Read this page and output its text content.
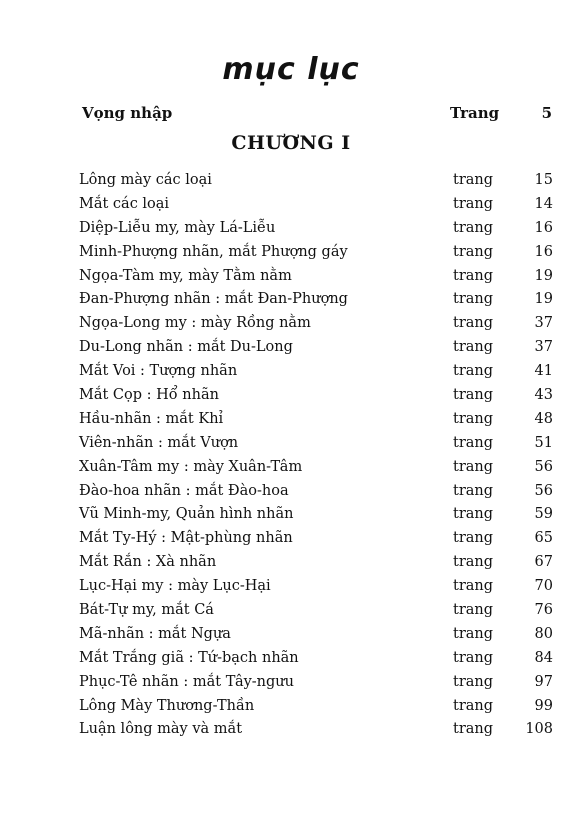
mục lục
Vọng nhập	Trang	5
CHƯƠNG I
Lông mày các loại	trang	15
Mắt các loại	trang	14
Diệp-Liễu my, mày Lá-Liễu	trang	16
Minh-Phượng nhãn, mắt Phượng gáy	trang	16
Ngọa-Tàm my, mày Tằm nằm	trang	19
Đan-Phượng nhãn : mắt Đan-Phượng	trang	19
Ngọa-Long my : mày Rồng nằm	trang	37
Du-Long nhãn : mắt Du-Long	trang	37
Mắt Voi : Tượng nhãn	trang	41
Mắt Cọp : Hổ nhãn	trang	43
Hầu-nhãn : mắt Khỉ	trang	48
Viên-nhãn : mắt Vượn	trang	51
Xuân-Tâm my : mày Xuân-Tâm	trang	56
Đào-hoa nhãn : mắt Đào-hoa	trang	56
Vũ Minh-my, Quản hình nhãn	trang	59
Mắt Ty-Hý : Mật-phùng nhãn	trang	65
Mắt Rắn : Xà nhãn	trang	67
Lục-Hại my : mày Lục-Hại	trang	70
Bát-Tự my, mắt Cá	trang	76
Mã-nhãn : mắt Ngựa	trang	80
Mắt Trắng giã : Tứ-bạch nhãn	trang	84
Phục-Tê nhãn : mắt Tây-ngưu	trang	97
Lông Mày Thương-Thần	trang	99
Luận lông mày và mắt	trang 108
